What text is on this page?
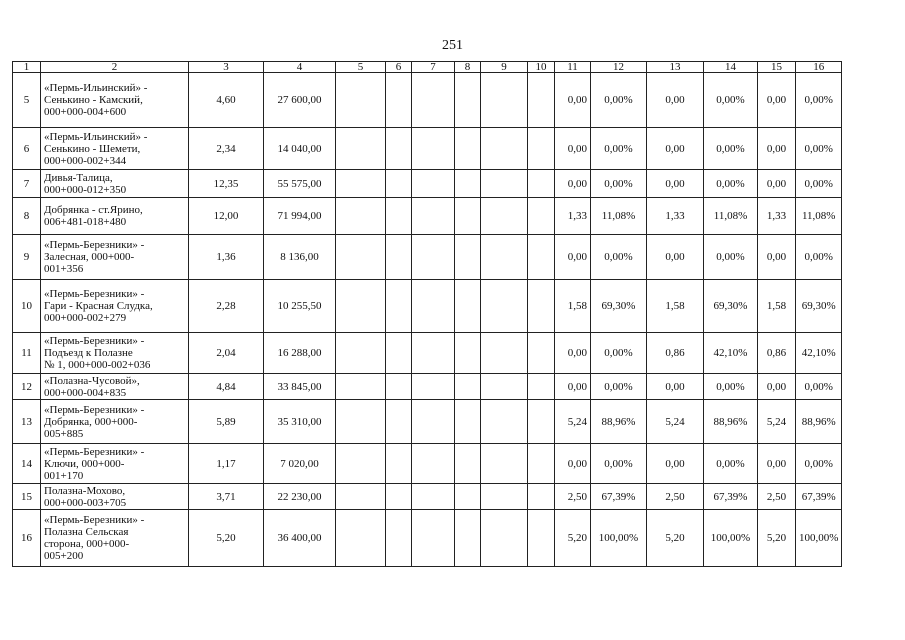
251
1	2	3	4	5	6	7	8	9	10	11	12	13	14	15	16
5	«Пермь-Ильинский» -
Сенькино - Камский,
000+000-004+600	4,60	27 600,00							0,00	0,00%	0,00	0,00%	0,00	0,00%
6	«Пермь-Ильинский» -
Сенькино - Шемети,
000+000-002+344	2,34	14 040,00							0,00	0,00%	0,00	0,00%	0,00	0,00%
7	Дивья-Талица,
000+000-012+350	12,35	55 575,00							0,00	0,00%	0,00	0,00%	0,00	0,00%
8	Добрянка - ст.Ярино,
006+481-018+480	12,00	71 994,00							1,33	11,08%	1,33	11,08%	1,33	11,08%
9	«Пермь-Березники» -
Залесная, 000+000-
001+356	1,36	8 136,00							0,00	0,00%	0,00	0,00%	0,00	0,00%
10	«Пермь-Березники» -
Гари - Красная Слудка,
000+000-002+279	2,28	10 255,50							1,58	69,30%	1,58	69,30%	1,58	69,30%
11	«Пермь-Березники» -
Подъезд к Полазне
№ 1, 000+000-002+036	2,04	16 288,00							0,00	0,00%	0,86	42,10%	0,86	42,10%
12	«Полазна-Чусовой»,
000+000-004+835	4,84	33 845,00							0,00	0,00%	0,00	0,00%	0,00	0,00%
13	«Пермь-Березники» -
Добрянка, 000+000-
005+885	5,89	35 310,00							5,24	88,96%	5,24	88,96%	5,24	88,96%
14	«Пермь-Березники» -
Ключи, 000+000-
001+170	1,17	7 020,00							0,00	0,00%	0,00	0,00%	0,00	0,00%
15	Полазна-Мохово,
000+000-003+705	3,71	22 230,00							2,50	67,39%	2,50	67,39%	2,50	67,39%
16	«Пермь-Березники» -
Полазна Сельская
сторона, 000+000-
005+200	5,20	36 400,00							5,20	100,00%	5,20	100,00%	5,20	100,00%
